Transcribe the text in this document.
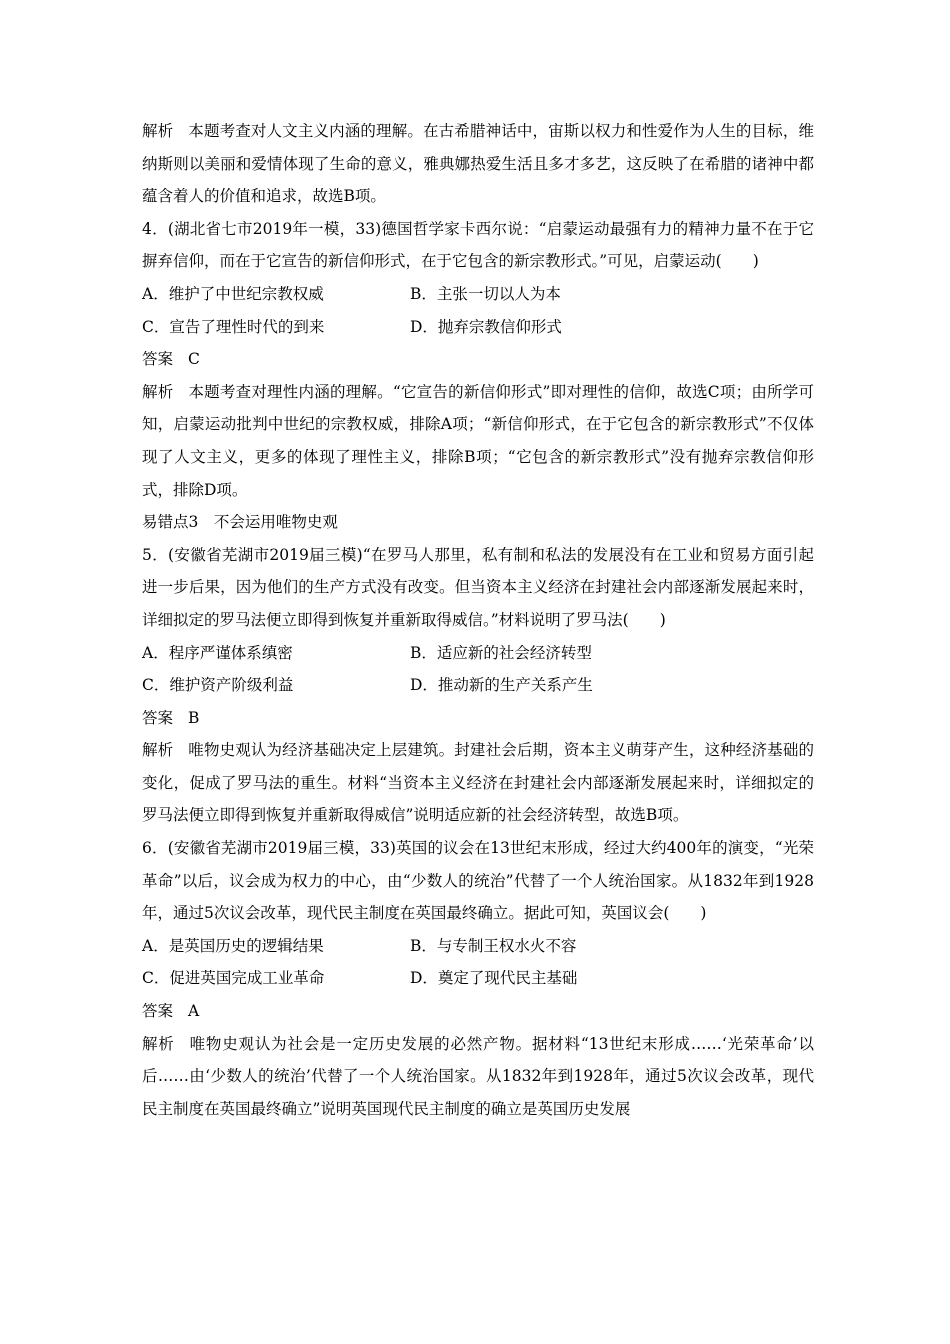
解析 本题考查对人文主义内涵的理解。在古希腊神话中，宙斯以权力和性爱作为人生的目标，维纳斯则以美丽和爱情体现了生命的意义，雅典娜热爱生活且多才多艺，这反映了在希腊的诸神中都蕴含着人的价值和追求，故选B项。

4．(湖北省七市2019年一模，33)德国哲学家卡西尔说：“启蒙运动最强有力的精神力量不在于它摒弃信仰，而在于它宣告的新信仰形式，在于它包含的新宗教形式。”可见，启蒙运动(　　)

A．维护了中世纪宗教权威	B．主张一切以人为本
C．宣告了理性时代的到来	D．抛弃宗教信仰形式

答案 C

解析 本题考查对理性内涵的理解。“它宣告的新信仰形式”即对理性的信仰，故选C项；由所学可知，启蒙运动批判中世纪的宗教权威，排除A项；“新信仰形式，在于它包含的新宗教形式”不仅体现了人文主义，更多的体现了理性主义，排除B项；“它包含的新宗教形式”没有抛弃宗教信仰形式，排除D项。

易错点3　不会运用唯物史观

5．(安徽省芜湖市2019届三模)“在罗马人那里，私有制和私法的发展没有在工业和贸易方面引起进一步后果，因为他们的生产方式没有改变。但当资本主义经济在封建社会内部逐渐发展起来时，详细拟定的罗马法便立即得到恢复并重新取得威信。”材料说明了罗马法(　　)

A．程序严谨体系缜密	B．适应新的社会经济转型
C．维护资产阶级利益	D．推动新的生产关系产生

答案 B

解析 唯物史观认为经济基础决定上层建筑。封建社会后期，资本主义萌芽产生，这种经济基础的变化，促成了罗马法的重生。材料“当资本主义经济在封建社会内部逐渐发展起来时，详细拟定的罗马法便立即得到恢复并重新取得威信”说明适应新的社会经济转型，故选B项。

6．(安徽省芜湖市2019届三模，33)英国的议会在13世纪末形成，经过大约400年的演变，“光荣革命”以后，议会成为权力的中心，由“少数人的统治”代替了一个人统治国家。从1832年到1928年，通过5次议会改革，现代民主制度在英国最终确立。据此可知，英国议会(　　)

A．是英国历史的逻辑结果	B．与专制王权水火不容
C．促进英国完成工业革命	D．奠定了现代民主基础

答案 A

解析 唯物史观认为社会是一定历史发展的必然产物。据材料“13世纪末形成……‘光荣革命’以后……由‘少数人的统治’代替了一个人统治国家。从1832年到1928年，通过5次议会改革，现代民主制度在英国最终确立”说明英国现代民主制度的确立是英国历史发展
